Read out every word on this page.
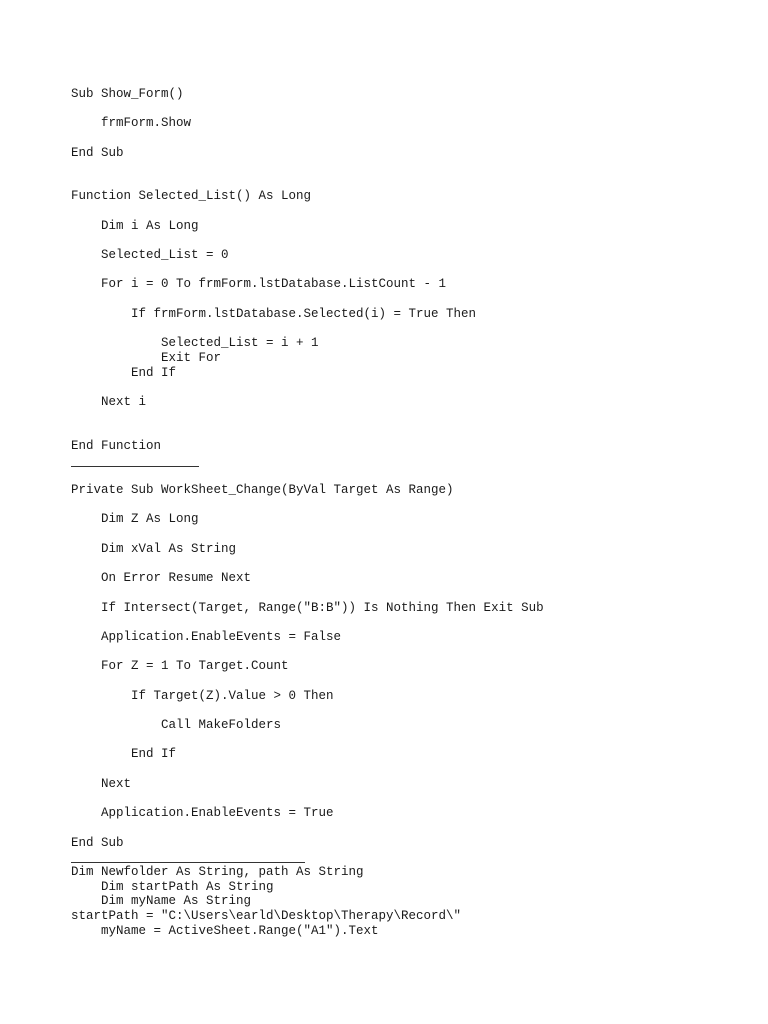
Sub Show_Form()

frmForm.Show

End Sub

Function Selected_List() As Long

Dim i As Long

Selected_List = 0

For i = 0 To frmForm.lstDatabase.ListCount - 1

If frmForm.lstDatabase.Selected(i) = True Then

Selected_List = i + 1

Exit For

End If

Next i

End Function

Private Sub WorkSheet_Change(ByVal Target As Range)

Dim Z As Long

Dim xVal As String

On Error Resume Next

If Intersect(Target, Range("B:B")) Is Nothing Then Exit Sub

Application.EnableEvents = False

For Z = 1 To Target.Count

If Target(Z).Value > 0 Then

Call MakeFolders

End If

Next

Application.EnableEvents = True

End Sub

Dim Newfolder As String, path As String

Dim startPath As String

Dim myName As String

startPath = "C:\Users\earld\Desktop\Therapy\Record\"

myName = ActiveSheet.Range("A1").Text
